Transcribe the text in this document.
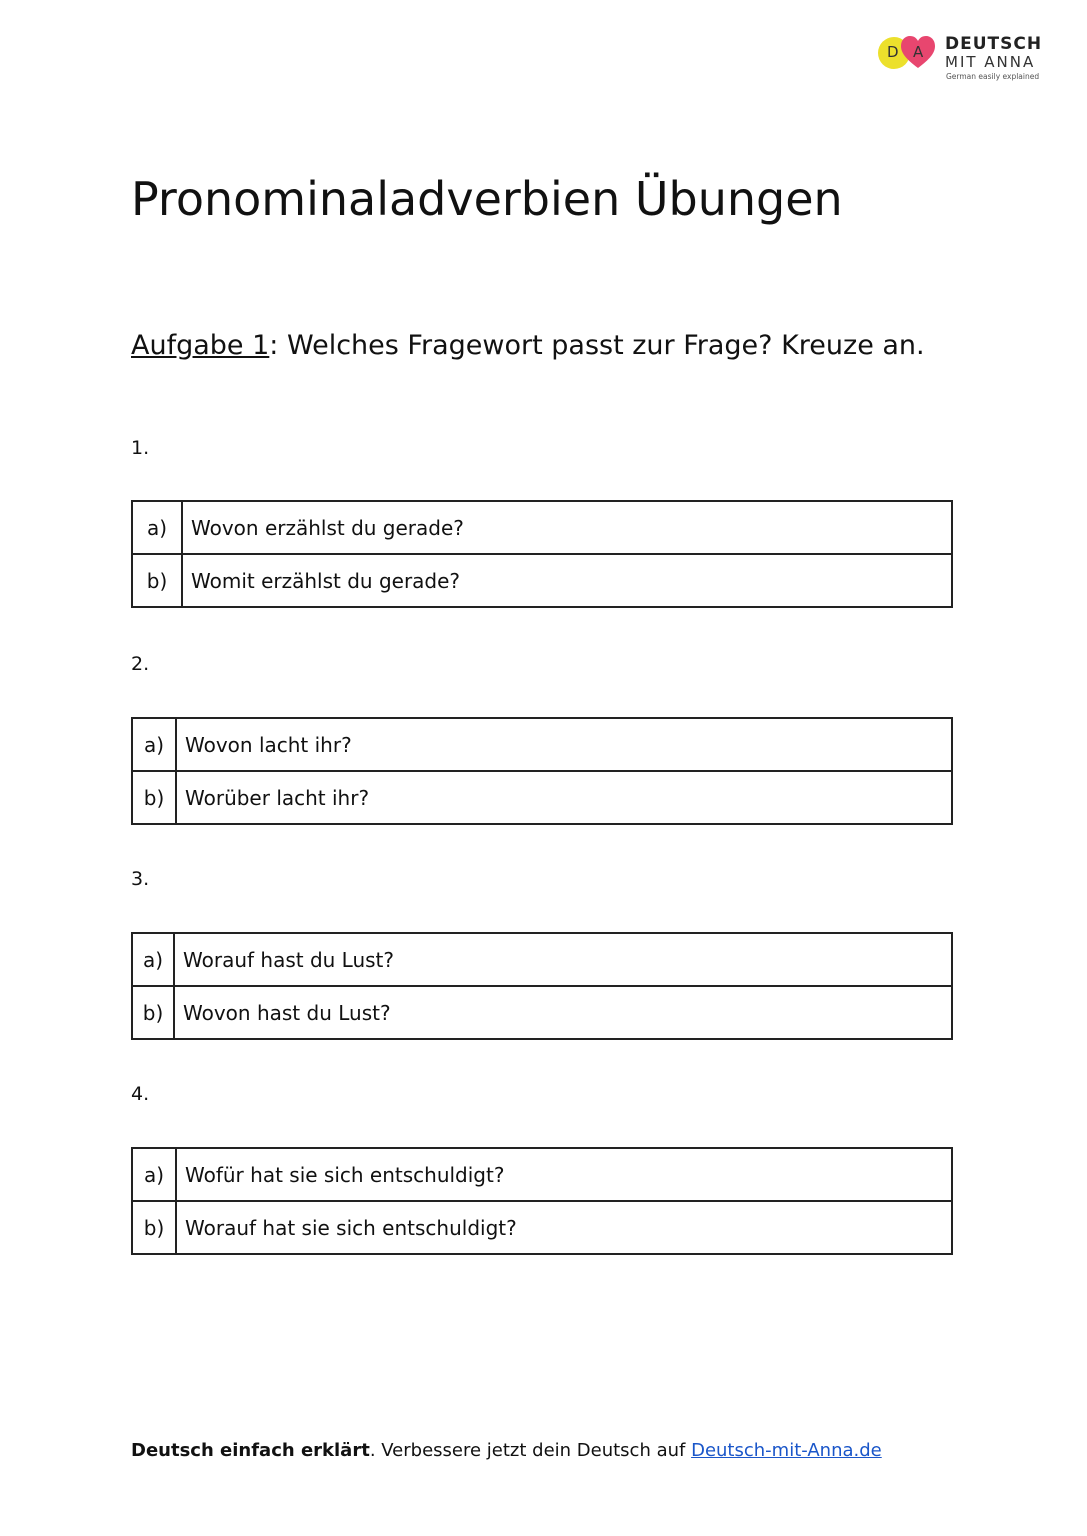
D A DEUTSCH
MIT ANNA
German easily explained
Pronominaladverbien Übungen
Aufgabe 1: Welches Fragewort passt zur Frage? Kreuze an.
1.
a)	Wovon erzählst du gerade?
b)	Womit erzählst du gerade?
2.
a)	Wovon lacht ihr?
b)	Worüber lacht ihr?
3.
a)	Worauf hast du Lust?
b)	Wovon hast du Lust?
4.
a)	Wofür hat sie sich entschuldigt?
b)	Worauf hat sie sich entschuldigt?
Deutsch einfach erklärt. Verbessere jetzt dein Deutsch auf Deutsch-mit-Anna.de
